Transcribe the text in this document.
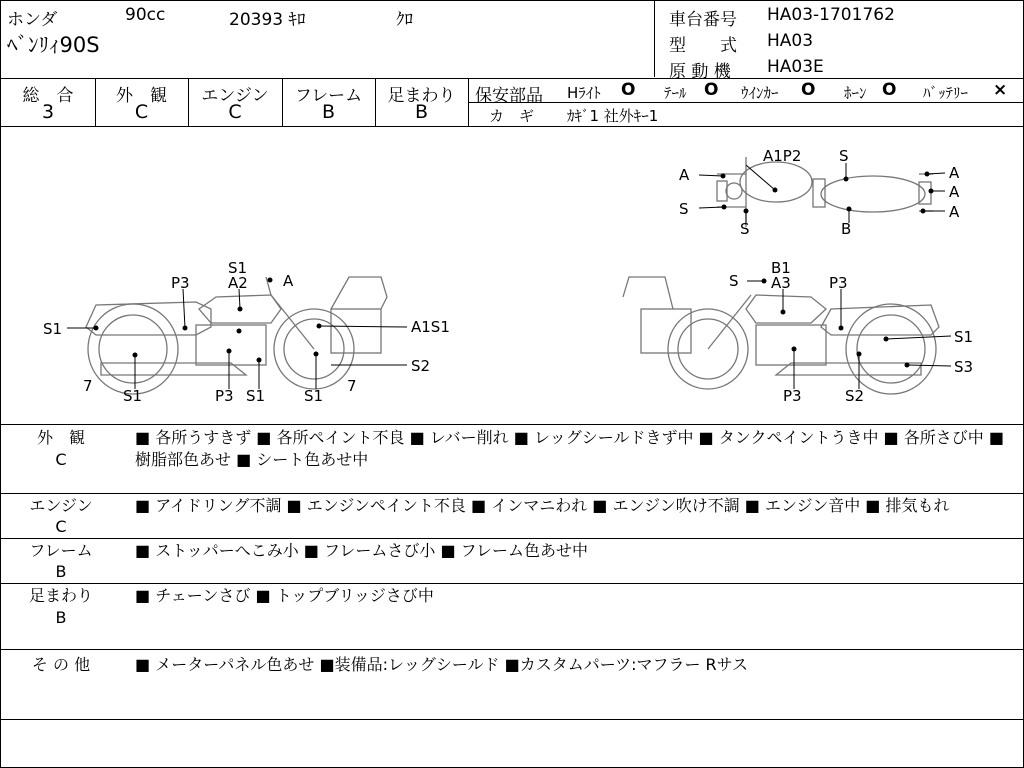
ホンダ	90cc	20393 ｷﾛ	ｸﾛ
ﾍﾞﾝﾘｨ90S
車台番号 HA03-1701762
型　　式 HA03
原 動 機 HA03E
総　合	外　観	エンジン	フレーム	足まわり
3	C	C	B	B
保安部品 Hﾗｲﾄ O ﾃｰﾙ O ｳｲﾝｶｰ O ﾎｰﾝ O ﾊﾞｯﾃﾘｰ ×
カ　ギ ｶｷﾞ1 社外ｷｰ1
A1P2	S
A	A
A
A
S
S	B
S1
P3	A2 A
S1
A1S1
S2
7
S1	P3 S1	S1
7
S
B1
A3	P3
S1
S3
P3	S2
外　観
C
■ 各所うすきず ■ 各所ペイント不良 ■ レバー削れ ■ レッグシールドきず中 ■ タンクペイントうき中 ■ 各所さび中 ■ 樹脂部色あせ ■ シート色あせ中
エンジン
C
■ アイドリング不調 ■ エンジンペイント不良 ■ インマニわれ ■ エンジン吹け不調 ■ エンジン音中 ■ 排気もれ
フレーム
B
■ ストッパーへこみ小 ■ フレームさび小 ■ フレーム色あせ中
足まわり
B
■ チェーンさび ■ トップブリッジさび中
そ の 他	■ メーターパネル色あせ ■装備品:レッグシールド ■カスタムパーツ:マフラー Rサス
